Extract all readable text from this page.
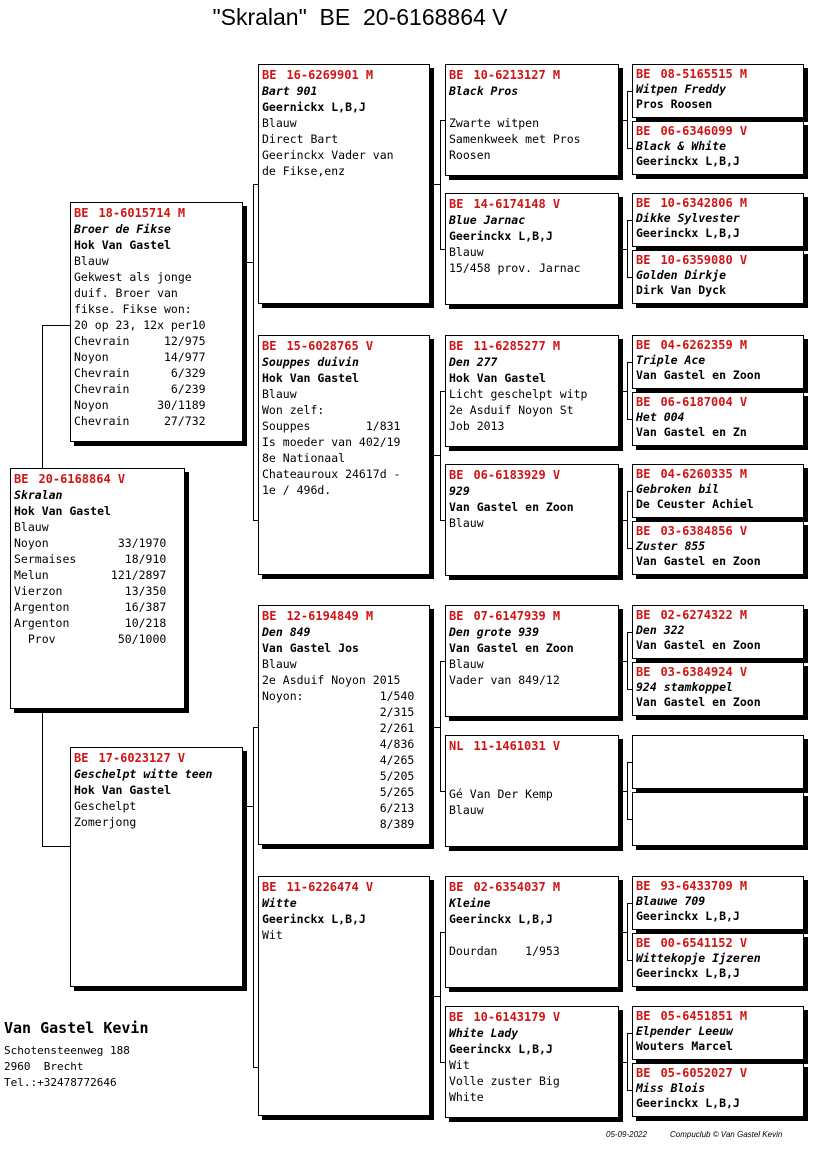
"Skralan"  BE  20-6168864 V
BE 20-6168864 V
Skralan
Hok Van Gastel
Blauw
Noyon          33/1970
Sermaises       18/910
Melun         121/2897
Vierzon         13/350
Argenton        16/387
Argenton        10/218
Prov         50/1000
BE 18-6015714 M
Broer de Fikse
Hok Van Gastel
Blauw
Gekwest als jonge
duif. Broer van
fikse. Fikse won:
20 op 23, 12x per10
Chevrain     12/975
Noyon        14/977
Chevrain      6/329
Chevrain      6/239
Noyon       30/1189
Chevrain     27/732
BE 17-6023127 V
Geschelpt witte teen
Hok Van Gastel
Geschelpt
Zomerjong
BE 16-6269901 M
Bart 901
Geernickx L,B,J
Blauw
Direct Bart
Geerinckx Vader van
de Fikse,enz
BE 15-6028765 V
Souppes duivin
Hok Van Gastel
Blauw
Won zelf:
Souppes        1/831
Is moeder van 402/19
8e Nationaal
Chateauroux 24617d -
1e / 496d.
BE 12-6194849 M
Den 849
Van Gastel Jos
Blauw
2e Asduif Noyon 2015
Noyon:           1/540
2/315
2/261
4/836
4/265
5/205
5/265
6/213
8/389
BE 11-6226474 V
Witte
Geerinckx L,B,J
Wit
BE 10-6213127 M
Black Pros
Zwarte witpen
Samenkweek met Pros
Roosen
BE 14-6174148 V
Blue Jarnac
Geerinckx L,B,J
Blauw
15/458 prov. Jarnac
BE 11-6285277 M
Den 277
Hok Van Gastel
Licht geschelpt witp
2e Asduif Noyon St
Job 2013
BE 06-6183929 V
929
Van Gastel en Zoon
Blauw
BE 07-6147939 M
Den grote 939
Van Gastel en Zoon
Blauw
Vader van 849/12
NL 11-1461031 V
Gé Van Der Kemp
Blauw
BE 02-6354037 M
Kleine
Geerinckx L,B,J
Dourdan    1/953
BE 10-6143179 V
White Lady
Geerinckx L,B,J
Wit
Volle zuster Big
White
BE 08-5165515 M
Witpen Freddy
Pros Roosen
BE 06-6346099 V
Black & White
Geerinckx L,B,J
BE 10-6342806 M
Dikke Sylvester
Geerinckx L,B,J
BE 10-6359080 V
Golden Dirkje
Dirk Van Dyck
BE 04-6262359 M
Triple Ace
Van Gastel en Zoon
BE 06-6187004 V
Het 004
Van Gastel en Zn
BE 04-6260335 M
Gebroken bil
De Ceuster Achiel
BE 03-6384856 V
Zuster 855
Van Gastel en Zoon
BE 02-6274322 M
Den 322
Van Gastel en Zoon
BE 03-6384924 V
924 stamkoppel
Van Gastel en Zoon
BE 93-6433709 M
Blauwe 709
Geerinckx L,B,J
BE 00-6541152 V
Wittekopje Ijzeren
Geerinckx L,B,J
BE 05-6451851 M
Elpender Leeuw
Wouters Marcel
BE 05-6052027 V
Miss Blois
Geerinckx L,B,J
Van Gastel Kevin
Schotensteenweg 188
2960  Brecht
Tel.:+32478772646
05-09-2022	Compuclub © Van Gastel Kevin
